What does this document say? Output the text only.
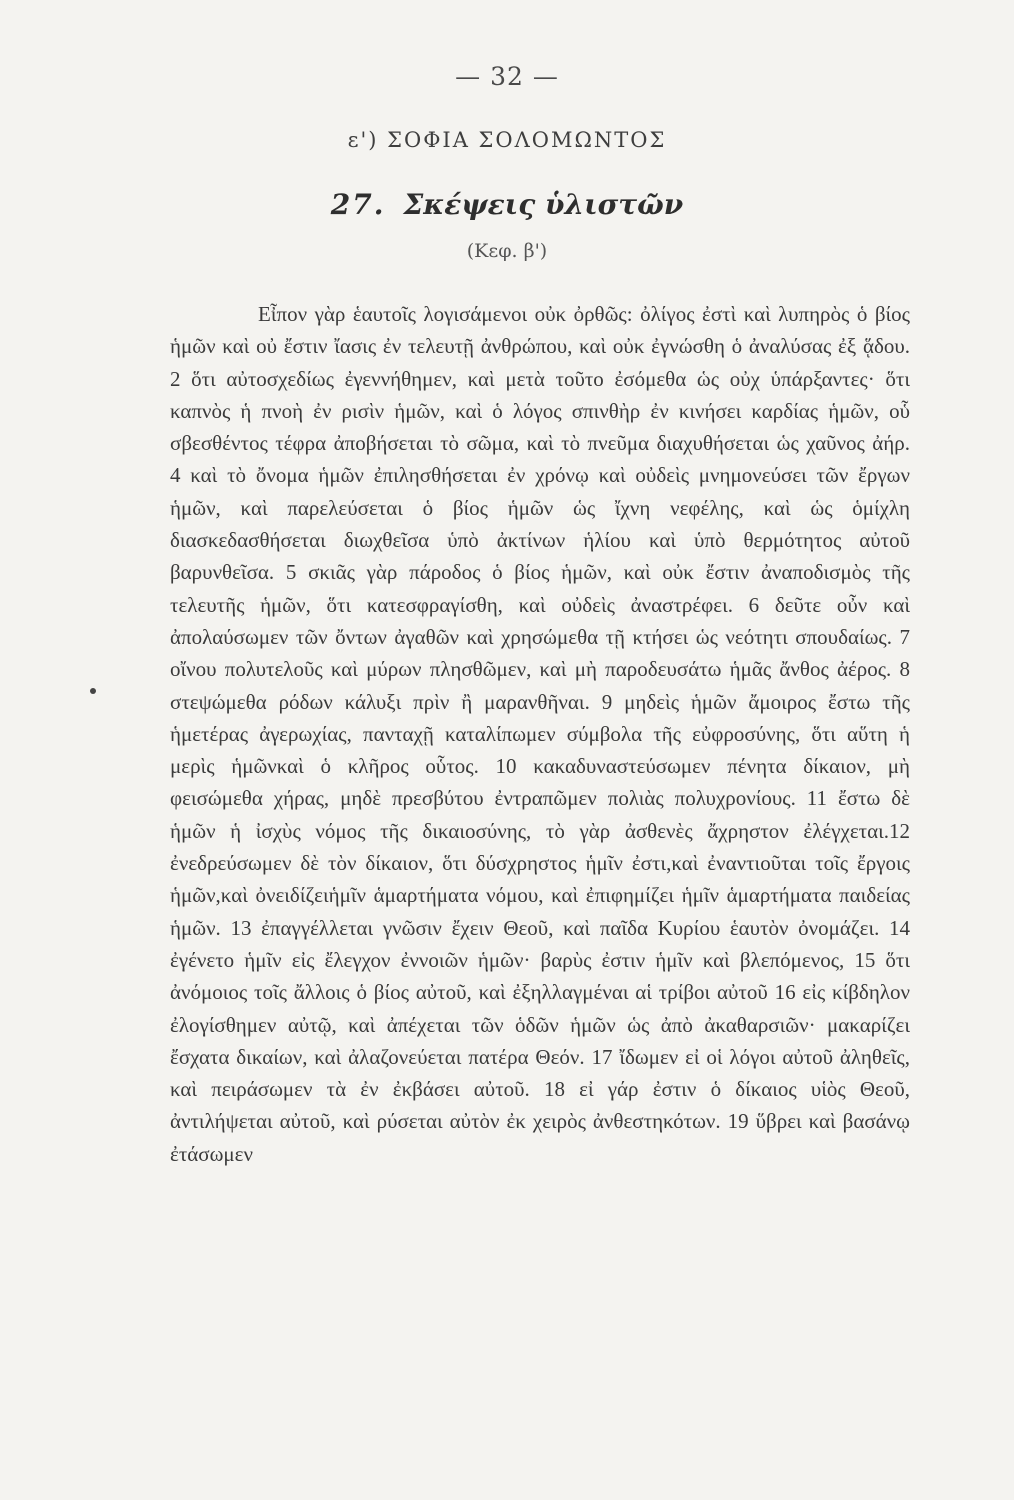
— 32 —
ε') ΣΟΦΙΑ ΣΟΛΟΜΩΝΤΟΣ
27. Σκέψεις ὑλιστῶν
(Κεφ. β')

Εἶπον γὰρ ἑαυτοῖς λογισάμενοι οὐκ ὀρθῶς: ὀλίγος ἐστὶ καὶ λυπηρὸς ὁ βίος ἡμῶν καὶ οὐ ἔστιν ἴασις ἐν τελευτῇ ἀνθρώπου, καὶ οὐκ ἐγνώσθη ὁ ἀναλύσας ἐξ ᾅδου. 2 ὅτι αὐτοσχεδίως ἐγεννήθημεν, καὶ μετὰ τοῦτο ἐσόμεθα ὡς οὐχ ὑπάρξαντες· ὅτι καπνὸς ἡ πνοὴ ἐν ρισὶν ἡμῶν, καὶ ὁ λόγος σπινθὴρ ἐν κινήσει καρδίας ἡμῶν, οὗ σβεσθέντος τέφρα ἀποβήσεται τὸ σῶμα, καὶ τὸ πνεῦμα διαχυθήσεται ὡς χαῦνος ἀήρ. 4 καὶ τὸ ὄνομα ἡμῶν ἐπιλησθήσεται ἐν χρόνῳ καὶ οὐδεὶς μνημονεύσει τῶν ἔργων ἡμῶν, καὶ παρελεύσεται ὁ βίος ἡμῶν ὡς ἴχνη νεφέλης, καὶ ὡς ὁμίχλη διασκεδασθήσεται διωχθεῖσα ὑπὸ ἀκτίνων ἡλίου καὶ ὑπὸ θερμότητος αὐτοῦ βαρυνθεῖσα. 5 σκιᾶς γὰρ πάροδος ὁ βίος ἡμῶν, καὶ οὐκ ἔστιν ἀναποδισμὸς τῆς τελευτῆς ἡμῶν, ὅτι κατεσφραγίσθη, καὶ οὐδεὶς ἀναστρέφει. 6 δεῦτε οὖν καὶ ἀπολαύσωμεν τῶν ὄντων ἀγαθῶν καὶ χρησώμεθα τῇ κτήσει ὡς νεότητι σπουδαίως. 7 οἴνου πολυτελοῦς καὶ μύρων πλησθῶμεν, καὶ μὴ παροδευσάτω ἡμᾶς ἄνθος ἀέρος. 8 στεψώμεθα ρόδων κάλυξι πρὶν ἢ μαρανθῆναι. 9 μηδεὶς ἡμῶν ἄμοιρος ἔστω τῆς ἡμετέρας ἀγερωχίας, πανταχῇ καταλίπωμεν σύμβολα τῆς εὐφροσύνης, ὅτι αὕτη ἡ μερὶς ἡμῶνκαὶ ὁ κλῆρος οὗτος. 10 κακαδυναστεύσωμεν πένητα δίκαιον, μὴ φεισώμεθα χήρας, μηδὲ πρεσβύτου ἐντραπῶμεν πολιὰς πολυχρονίους. 11 ἔστω δὲ ἡμῶν ἡ ἰσχὺς νόμος τῆς δικαιοσύνης, τὸ γὰρ ἀσθενὲς ἄχρηστον ἐλέγχεται.12 ἐνεδρεύσωμεν δὲ τὸν δίκαιον, ὅτι δύσχρηστος ἡμῖν ἐστι,καὶ ἐναντιοῦται τοῖς ἔργοις ἡμῶν,καὶ ὀνειδίζειἡμῖν ἁμαρτήματα νόμου, καὶ ἐπιφημίζει ἡμῖν ἁμαρτήματα παιδείας ἡμῶν. 13 ἐπαγγέλλεται γνῶσιν ἔχειν Θεοῦ, καὶ παῖδα Κυρίου ἑαυτὸν ὀνομάζει. 14 ἐγένετο ἡμῖν εἰς ἔλεγχον ἐννοιῶν ἡμῶν· βαρὺς ἐστιν ἡμῖν καὶ βλεπόμενος, 15 ὅτι ἀνόμοιος τοῖς ἄλλοις ὁ βίος αὐτοῦ, καὶ ἐξηλλαγμέναι αἱ τρίβοι αὐτοῦ 16 εἰς κίβδηλον ἐλογίσθημεν αὐτῷ, καὶ ἀπέχεται τῶν ὁδῶν ἡμῶν ὡς ἀπὸ ἀκαθαρσιῶν· μακαρίζει ἔσχατα δικαίων, καὶ ἀλαζονεύεται πατέρα Θεόν. 17 ἴδωμεν εἰ οἱ λόγοι αὐτοῦ ἀληθεῖς, καὶ πειράσωμεν τὰ ἐν ἐκβάσει αὐτοῦ. 18 εἰ γάρ ἐστιν ὁ δίκαιος υἱὸς Θεοῦ, ἀντιλήψεται αὐτοῦ, καὶ ρύσεται αὐτὸν ἐκ χειρὸς ἀνθεστηκότων. 19 ὕβρει καὶ βασάνῳ ἐτάσωμεν
